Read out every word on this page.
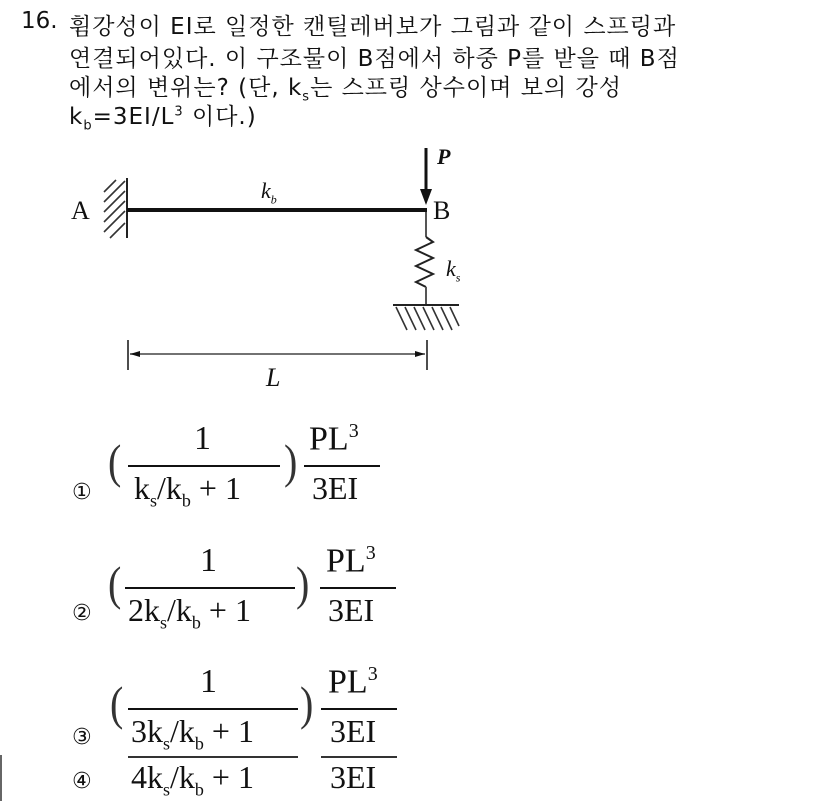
16. 휨강성이 EI로 일정한 캔틸레버보가 그림과 같이 스프링과
연결되어있다. 이 구조물이 B점에서 하중 P를 받을 때 B점
에서의 변위는? (단, $k_s$는 스프링 상수이며 보의 강성
$k_b=3EI/L^3$ 이다.)
A	B
P
$k_b$
$k_s$
L
①
( 1
$k_s/k_b + 1$ ) $PL^3$
3EI
②
( 1
$2k_s/k_b + 1$ ) $PL^3$
3EI
③
( 1
$3k_s/k_b + 1$
) $PL^3$
3EI
④ $4k_s/k_b + 1$ 3EI
